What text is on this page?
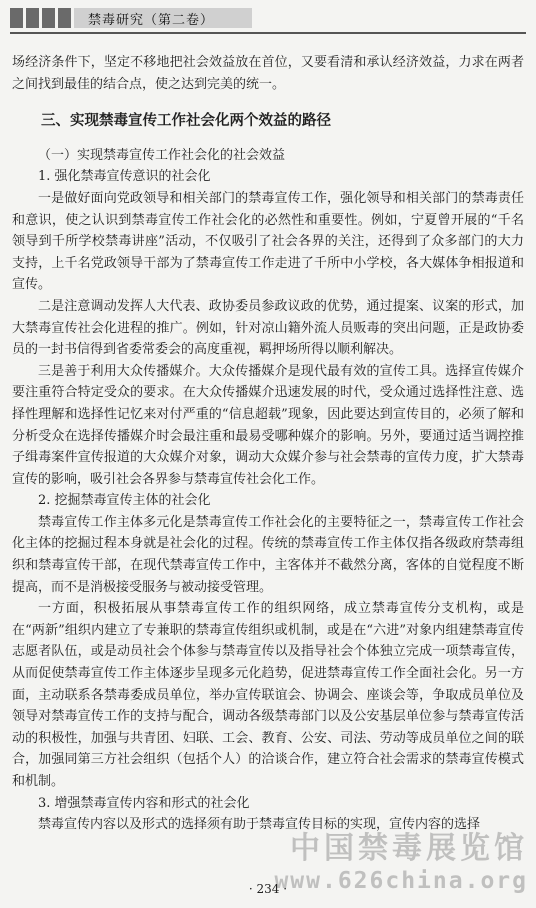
禁毒研究（第二卷）

场经济条件下，坚定不移地把社会效益放在首位，又要看清和承认经济效益，力求在两者之间找到最佳的结合点，使之达到完美的统一。

三、实现禁毒宣传工作社会化两个效益的路径

（一）实现禁毒宣传工作社会化的社会效益

1. 强化禁毒宣传意识的社会化

一是做好面向党政领导和相关部门的禁毒宣传工作，强化领导和相关部门的禁毒责任和意识，使之认识到禁毒宣传工作社会化的必然性和重要性。例如，宁夏曾开展的“千名领导到千所学校禁毒讲座”活动，不仅吸引了社会各界的关注，还得到了众多部门的大力支持，上千名党政领导干部为了禁毒宣传工作走进了千所中小学校，各大媒体争相报道和宣传。

二是注意调动发挥人大代表、政协委员参政议政的优势，通过提案、议案的形式，加大禁毒宣传社会化进程的推广。例如，针对凉山籍外流人员贩毒的突出问题，正是政协委员的一封书信得到省委常委会的高度重视，羁押场所得以顺利解决。

三是善于利用大众传播媒介。大众传播媒介是现代最有效的宣传工具。选择宣传媒介要注重符合特定受众的要求。在大众传播媒介迅速发展的时代，受众通过选择性注意、选择性理解和选择性记忆来对付严重的“信息超载”现象，因此要达到宣传目的，必须了解和分析受众在选择传播媒介时会最注重和最易受哪种媒介的影响。另外，要通过适当调控推子缉毒案件宣传报道的大众媒介对象，调动大众媒介参与社会禁毒的宣传力度，扩大禁毒宣传的影响，吸引社会各界参与禁毒宣传社会化工作。

2. 挖掘禁毒宣传主体的社会化

禁毒宣传工作主体多元化是禁毒宣传工作社会化的主要特征之一，禁毒宣传工作社会化主体的挖掘过程本身就是社会化的过程。传统的禁毒宣传工作主体仅指各级政府禁毒组织和禁毒宣传干部，在现代禁毒宣传工作中，主客体并不截然分离，客体的自觉程度不断提高，而不是消极接受服务与被动接受管理。

一方面，积极拓展从事禁毒宣传工作的组织网络，成立禁毒宣传分支机构，或是在“两新”组织内建立了专兼职的禁毒宣传组织或机制，或是在“六进”对象内组建禁毒宣传志愿者队伍，或是动员社会个体参与禁毒宣传以及指导社会个体独立完成一项禁毒宣传，从而促使禁毒宣传工作主体逐步呈现多元化趋势，促进禁毒宣传工作全面社会化。另一方面，主动联系各禁毒委成员单位，举办宣传联谊会、协调会、座谈会等，争取成员单位及领导对禁毒宣传工作的支持与配合，调动各级禁毒部门以及公安基层单位参与禁毒宣传活动的积极性，加强与共青团、妇联、工会、教育、公安、司法、劳动等成员单位之间的联合，加强同第三方社会组织（包括个人）的洽谈合作，建立符合社会需求的禁毒宣传模式和机制。

3. 增强禁毒宣传内容和形式的社会化

禁毒宣传内容以及形式的选择须有助于禁毒宣传目标的实现，宣传内容的选择

中国禁毒展览馆
www.626china.org
· 234 ·
